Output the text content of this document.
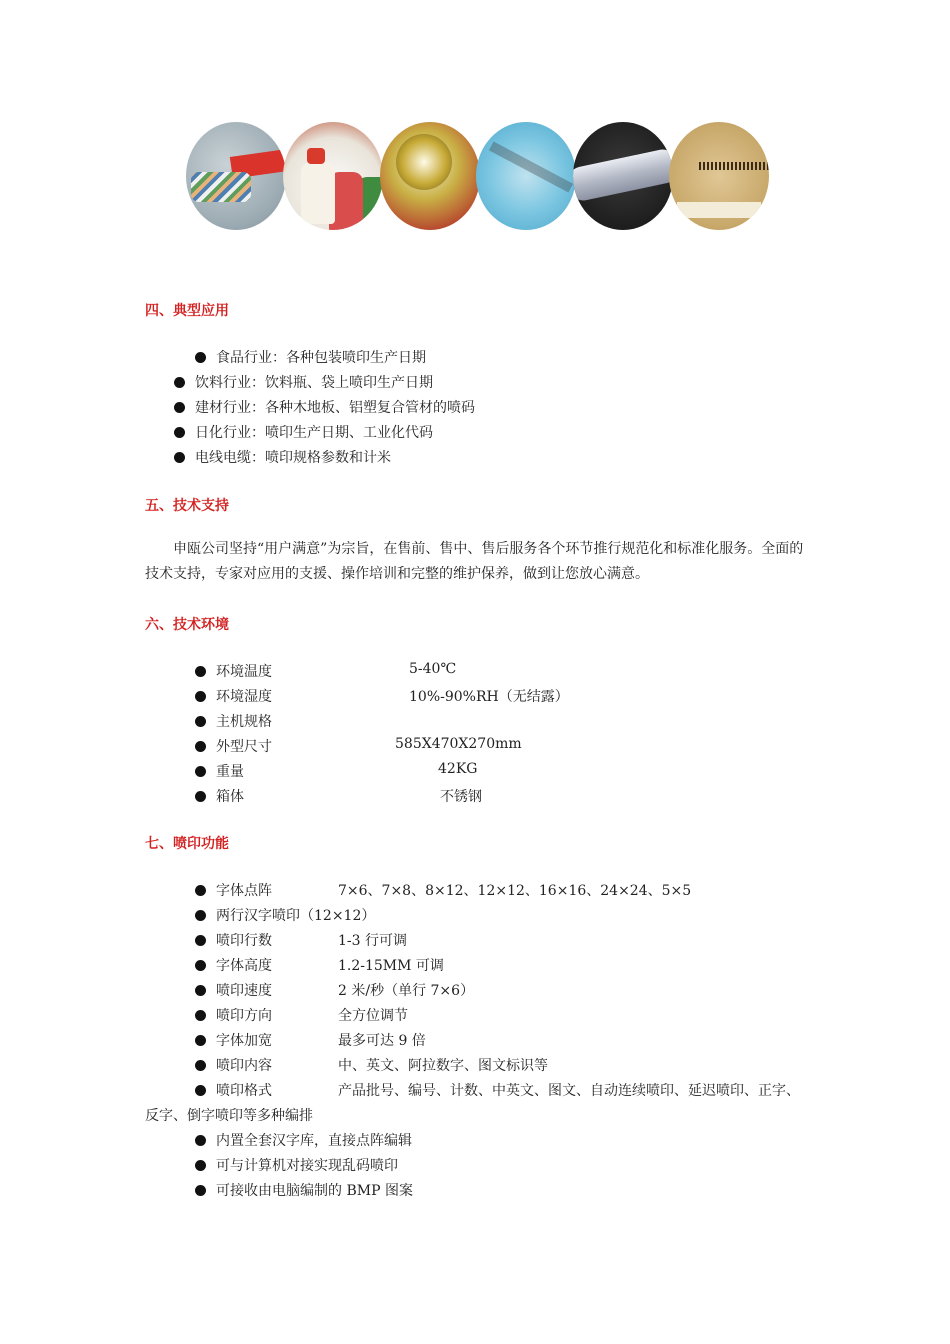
四、典型应用
食品行业：各种包装喷印生产日期
饮料行业：饮料瓶、袋上喷印生产日期
建材行业：各种木地板、铝塑复合管材的喷码
日化行业：喷印生产日期、工业化代码
电线电缆：喷印规格参数和计米
五、技术支持
申瓯公司坚持“用户满意”为宗旨，在售前、售中、售后服务各个环节推行规范化和标准化服务。全面的技术支持，专家对应用的支援、操作培训和完整的维护保养，做到让您放心满意。
六、技术环境
环境温度	5-40℃
环境湿度	10%-90%RH（无结露）
主机规格
外型尺寸	585X470X270mm
重量	42KG
箱体	不锈钢
七、喷印功能
字体点阵	7×6、7×8、8×12、12×12、16×16、24×24、5×5
两行汉字喷印（12×12）
喷印行数	1-3 行可调
字体高度	1.2-15MM 可调
喷印速度	2 米/秒（单行 7×6）
喷印方向	全方位调节
字体加宽	最多可达 9 倍
喷印内容	中、英文、阿拉数字、图文标识等
喷印格式	产品批号、编号、计数、中英文、图文、自动连续喷印、延迟喷印、正字、
反字、倒字喷印等多种编排
内置全套汉字库，直接点阵编辑
可与计算机对接实现乱码喷印
可接收由电脑编制的 BMP 图案
